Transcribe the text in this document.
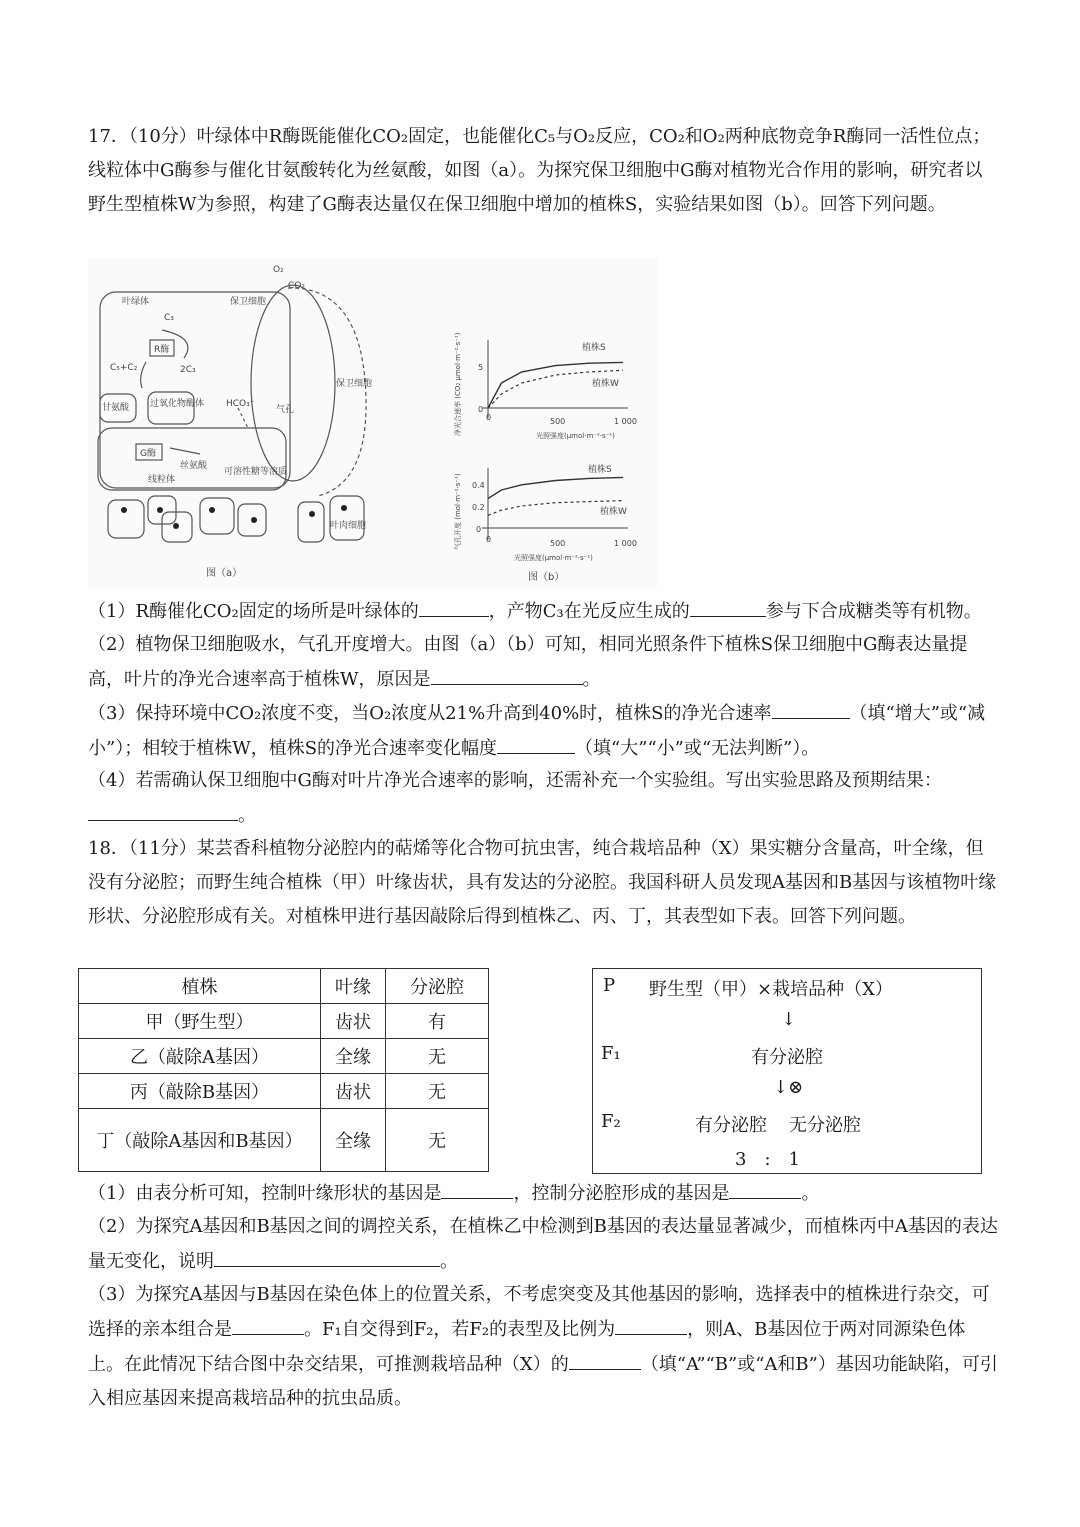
17．（10分）叶绿体中R酶既能催化CO₂固定，也能催化C₅与O₂反应，CO₂和O₂两种底物竞争R酶同一活性位点；线粒体中G酶参与催化甘氨酸转化为丝氨酸，如图（a）。为探究保卫细胞中G酶对植物光合作用的影响，研究者以野生型植株W为参照，构建了G酶表达量仅在保卫细胞中增加的植株S，实验结果如图（b）。回答下列问题。

O₂
CO₂
叶绿体	保卫细胞
C₃
R酶
C₅+C₂	2C₃
甘氨酸 过氧化物酶体 HCO₃⁻
气孔
G酶
丝氨酸
线粒体
可溶性糖等溶质
保卫细胞
叶肉细胞
图（a）
植株S
植株W
0
5
0	500	1 000
光照强度(μmol·m⁻²·s⁻¹)
净光合速率 (CO₂ μmol·m⁻²·s⁻¹)
植株S
植株W
0
0.2
0.4
0	500	1 000
光照强度(μmol·m⁻²·s⁻¹)
气孔开度 (mol·m⁻²·s⁻¹)
图（b）

（1）R酶催化CO₂固定的场所是叶绿体的	，产物C₃在光反应生成的	参与下合成糖类等有机物。

（2）植物保卫细胞吸水，气孔开度增大。由图（a）（b）可知，相同光照条件下植株S保卫细胞中G酶表达量提高，叶片的净光合速率高于植株W，原因是	。

（3）保持环境中CO₂浓度不变，当O₂浓度从21%升高到40%时，植株S的净光合速率	（填“增大”或“减小”）；相较于植株W，植株S的净光合速率变化幅度	（填“大”“小”或“无法判断”）。

（4）若需确认保卫细胞中G酶对叶片净光合速率的影响，还需补充一个实验组。写出实验思路及预期结果：。

18．（11分）某芸香科植物分泌腔内的萜烯等化合物可抗虫害，纯合栽培品种（X）果实糖分含量高，叶全缘，但没有分泌腔；而野生纯合植株（甲）叶缘齿状，具有发达的分泌腔。我国科研人员发现A基因和B基因与该植物叶缘形状、分泌腔形成有关。对植株甲进行基因敲除后得到植株乙、丙、丁，其表型如下表。回答下列问题。

植株	叶缘	分泌腔
甲（野生型）	齿状	有
乙（敲除A基因）	全缘	无
丙（敲除B基因）	齿状	无
丁（敲除A基因和B基因）	全缘	无
P 野生型（甲）×栽培品种（X）
↓
F₁	有分泌腔
↓⊗
F₂	有分泌腔 无分泌腔
3　:　1

（1）由表分析可知，控制叶缘形状的基因是	，控制分泌腔形成的基因是	。

（2）为探究A基因和B基因之间的调控关系，在植株乙中检测到B基因的表达量显著减少，而植株丙中A基因的表达量无变化，说明	。

（3）为探究A基因与B基因在染色体上的位置关系，不考虑突变及其他基因的影响，选择表中的植株进行杂交，可选择的亲本组合是	。F₁自交得到F₂，若F₂的表型及比例为	，则A、B基因位于两对同源染色体上。在此情况下结合图中杂交结果，可推测栽培品种（X）的	（填“A”“B”或“A和B”）基因功能缺陷，可引入相应基因来提高栽培品种的抗虫品质。
